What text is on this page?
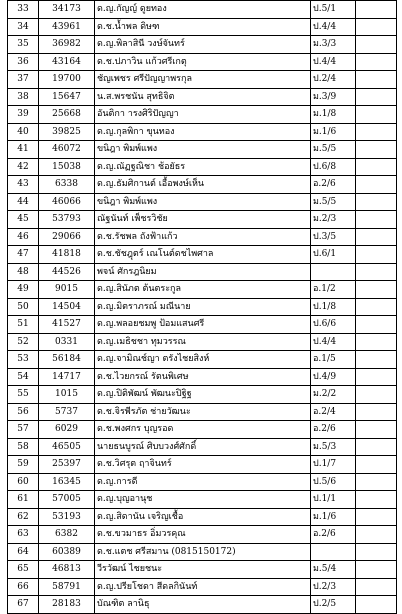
33	34173	ด.ญ.กัญญ์ ดูยทอง	ป.5/1	
34	43961	ด.ช.น้ำพล ดิษฑ	ป.4/4	
35	36982	ด.ญ.พิลาสินี วงษ์จันทร์	ม.3/3	
36	43164	ด.ช.ปภาวิน แก้วศรีเกตุ	ป.4/4	
37	19700	ชัญเพชร ศรีปัญญาพรกุล	ป.2/4	
38	15647	น.ส.พรชนัน สุทธิจิต	ม.3/9	
39	25668	อันติกา ารงศิริปัญญา	ม.1/8	
40	39825	ด.ญ.กุลพิกา ขุนทอง	ม.1/6	
41	46072	ขนิฎา พิมพ์แพง	ม.5/5	
42	15038	ด.ญ.ณัฏฐณิชา ช้อยัธร	ป.6/8	
43	6338	ด.ญ.ธัมศิกานต์ เอื้อพงษ์เห็น	อ.2/6	
44	46066	ขนิฎา พิมพ์แพง	ม.5/5	
45	53793	ณัฐนันท์ เพ็ชรวิชัย	ม.2/3	
46	29066	ด.ช.รัชพล ถังฟ้าแก้ว	ป.3/5	
47	41818	ด.ช.ชัชฎุตร์ เณโนต์ดชไพศาล	ป.6/1	
48	44526	พจน์ ศักรฎนิยม		
49	9015	ด.ญ.สินัภต ต้นตระกูล	อ.1/2	
50	14504	ด.ญ.มิตราภรณ์ มณีนาย	ป.1/8	
51	41527	ด.ญ.พลอยชมพู ป้อมแสนศรี	ป.6/6	
52	0331	ด.ญ.เมธิชชา ทุมวรรณ	ป.4/4	
53	56184	ด.ญ.จามิณช์ญา ตรังไชยสิงห์	อ.1/5	
54	14717	ด.ช.ไวยกรณ์ รัตนพิเศษ	ป.4/9	
55	1015	ด.ญ.ปิติพัฒน์ พัฒนะปิฐิฐ	ม.2/2	
56	5737	ด.ช.จิรพีรภัต ช่ายวัฒนะ	อ.2/4	
57	6029	ด.ช.พงศกร บุญรอด	อ.2/6	
58	46505	นายธนบูรณ์ ศิบบวงศ์ศักดิ์	ม.5/3	
59	25397	ด.ช.วิศรุต ฤาจินทร์	ป.1/7	
60	16345	ด.ญ.การดี	ป.5/6	
61	57005	ด.ญ.บุญอานุช	ป.1/1	
62	53193	ด.ญ.สิดานัน เจริญเชื้อ	ม.1/6	
63	6382	ด.ช.ขวมาธร อิ่มวรคุณ	อ.2/6	
64	60389	ด.ช.แตช ศรีสมาน (0815150172)		
65	46813	วีรวัฒน์ ไชยชนะ	ม.5/4	
66	58791	ด.ญ.ปรียโชดา สีดลกินันท์	ป.2/3	
67	28183	บัณฑิต ลานิธุ	ป.2/5	
